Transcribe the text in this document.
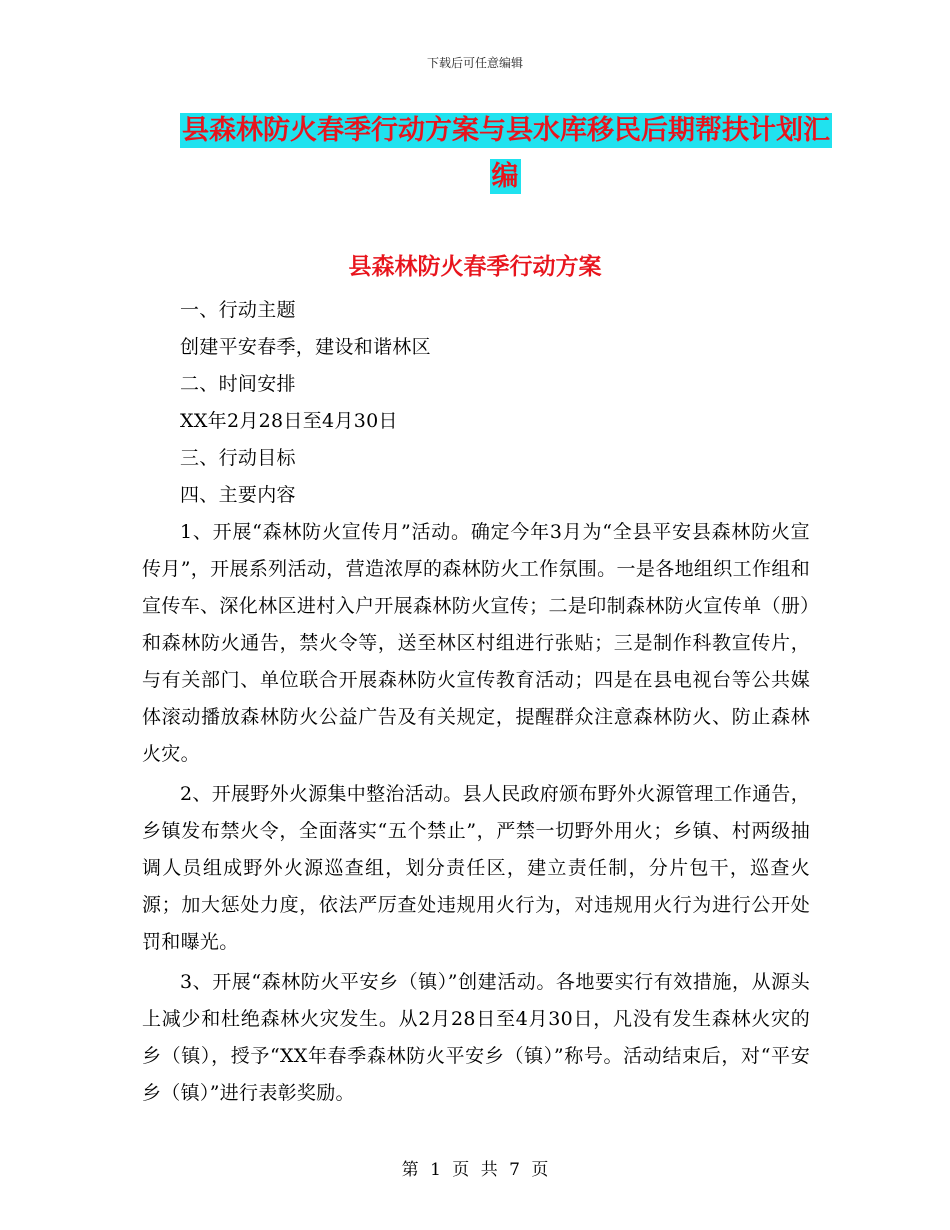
下载后可任意编辑
县森林防火春季行动方案与县水库移民后期帮扶计划汇编
县森林防火春季行动方案

一、行动主题

创建平安春季，建设和谐林区

二、时间安排

XX年2月28日至4月30日

三、行动目标

四、主要内容

1、开展“森林防火宣传月”活动。确定今年3月为“全县平安县森林防火宣传月”，开展系列活动，营造浓厚的森林防火工作氛围。一是各地组织工作组和宣传车、深化林区进村入户开展森林防火宣传；二是印制森林防火宣传单（册）和森林防火通告，禁火令等，送至林区村组进行张贴；三是制作科教宣传片，与有关部门、单位联合开展森林防火宣传教育活动；四是在县电视台等公共媒体滚动播放森林防火公益广告及有关规定，提醒群众注意森林防火、防止森林火灾。

2、开展野外火源集中整治活动。县人民政府颁布野外火源管理工作通告，乡镇发布禁火令，全面落实“五个禁止”，严禁一切野外用火；乡镇、村两级抽调人员组成野外火源巡查组，划分责任区，建立责任制，分片包干，巡查火源；加大惩处力度，依法严厉查处违规用火行为，对违规用火行为进行公开处罚和曝光。

3、开展“森林防火平安乡（镇）”创建活动。各地要实行有效措施，从源头上减少和杜绝森林火灾发生。从2月28日至4月30日，凡没有发生森林火灾的乡（镇），授予“XX年春季森林防火平安乡（镇）”称号。活动结束后，对“平安乡（镇）”进行表彰奖励。

第 1 页 共 7 页
